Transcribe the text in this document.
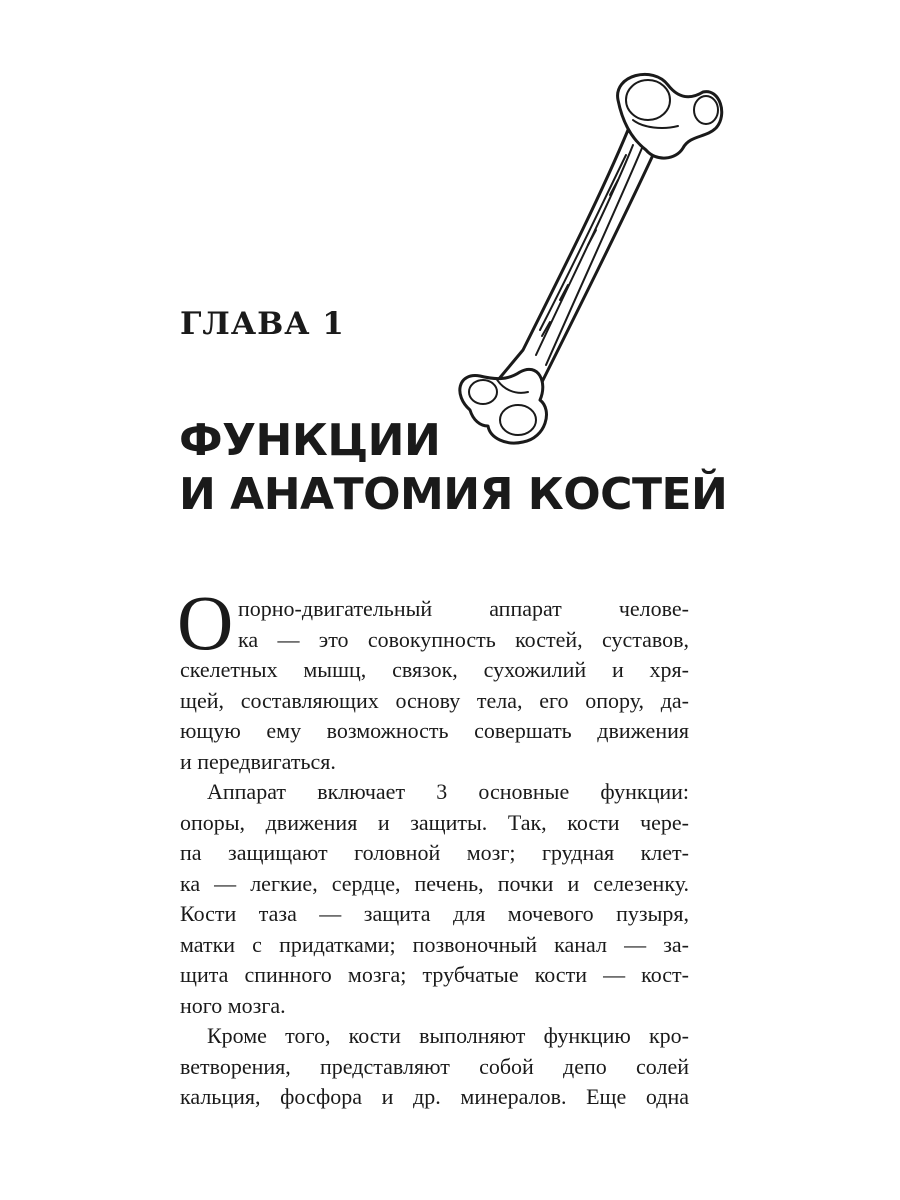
ГЛАВА 1
ФУНКЦИИ
И АНАТОМИЯ КОСТЕЙ
О порно-двигательный аппарат челове-
ка — это совокупность костей, суставов,
скелетных мышц, связок, сухожилий и хря-
щей, составляющих основу тела, его опору, да-
ющую ему возможность совершать движения
и передвигаться.
Аппарат включает 3 основные функции:
опоры, движения и защиты. Так, кости чере-
па защищают головной мозг; грудная клет-
ка — легкие, сердце, печень, почки и селезенку.
Кости таза — защита для мочевого пузыря,
матки с придатками; позвоночный канал — за-
щита спинного мозга; трубчатые кости — кост-
ного мозга.
Кроме того, кости выполняют функцию кро-
ветворения, представляют собой депо солей
кальция, фосфора и др. минералов. Еще одна
